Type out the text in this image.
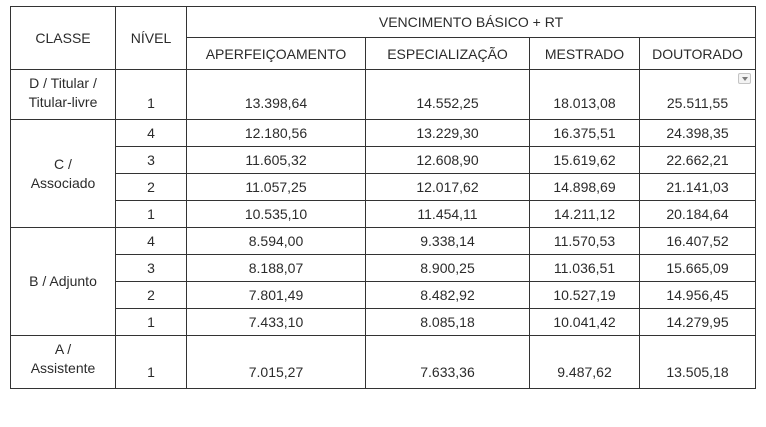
CLASSE	NÍVEL	VENCIMENTO BÁSICO + RT			
		APERFEIÇOAMENTO	ESPECIALIZAÇÃO	MESTRADO	DOUTORADO

D / Titular /
Titular-livre	1	13.398,64	14.552,25	18.013,08	25.511,55

C /
Associado	4	12.180,56	13.229,30	16.375,51	24.398,35
	3	11.605,32	12.608,90	15.619,62	22.662,21
	2	11.057,25	12.017,62	14.898,69	21.141,03
	1	10.535,10	11.454,11	14.211,12	20.184,64

B / Adjunto	4	8.594,00	9.338,14	11.570,53	16.407,52
	3	8.188,07	8.900,25	11.036,51	15.665,09
	2	7.801,49	8.482,92	10.527,19	14.956,45
	1	7.433,10	8.085,18	10.041,42	14.279,95

A /
Assistente	1	7.015,27	7.633,36	9.487,62	13.505,18
